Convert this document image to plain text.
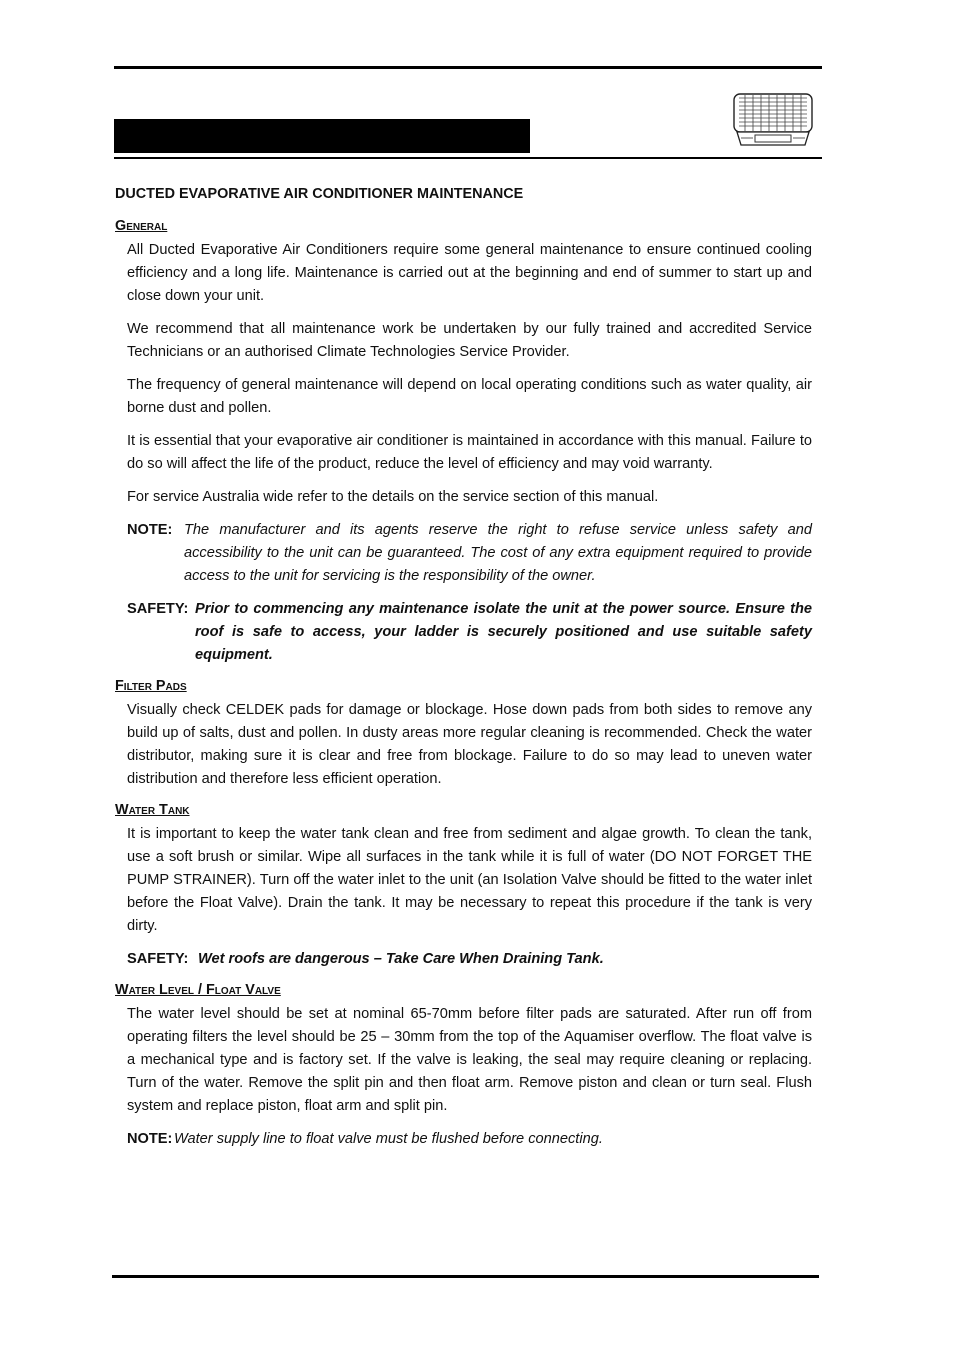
DUCTED EVAPORATIVE AIR CONDITIONER MAINTENANCE
General
All Ducted Evaporative Air Conditioners require some general maintenance to ensure continued cooling efficiency and a long life. Maintenance is carried out at the beginning and end of summer to start up and close down your unit.
We recommend that all maintenance work be undertaken by our fully trained and accredited Service Technicians or an authorised Climate Technologies Service Provider.
The frequency of general maintenance will depend on local operating conditions such as water quality, air borne dust and pollen.
It is essential that your evaporative air conditioner is maintained in accordance with this manual. Failure to do so will affect the life of the product, reduce the level of efficiency and may void warranty.
For service Australia wide refer to the details on the service section of this manual.
NOTE: The manufacturer and its agents reserve the right to refuse service unless safety and accessibility to the unit can be guaranteed. The cost of any extra equipment required to provide access to the unit for servicing is the responsibility of the owner.
SAFETY: Prior to commencing any maintenance isolate the unit at the power source. Ensure the roof is safe to access, your ladder is securely positioned and use suitable safety equipment.
Filter Pads
Visually check CELDEK pads for damage or blockage. Hose down pads from both sides to remove any build up of salts, dust and pollen. In dusty areas more regular cleaning is recommended. Check the water distributor, making sure it is clear and free from blockage. Failure to do so may lead to uneven water distribution and therefore less efficient operation.
Water Tank
It is important to keep the water tank clean and free from sediment and algae growth. To clean the tank, use a soft brush or similar. Wipe all surfaces in the tank while it is full of water (DO NOT FORGET THE PUMP STRAINER). Turn off the water inlet to the unit (an Isolation Valve should be fitted to the water inlet before the Float Valve). Drain the tank. It may be necessary to repeat this procedure if the tank is very dirty.
SAFETY: Wet roofs are dangerous – Take Care When Draining Tank.
Water Level / Float Valve
The water level should be set at nominal 65-70mm before filter pads are saturated. After run off from operating filters the level should be 25 – 30mm from the top of the Aquamiser overflow. The float valve is a mechanical type and is factory set. If the valve is leaking, the seal may require cleaning or replacing. Turn of the water. Remove the split pin and then float arm. Remove piston and clean or turn seal. Flush system and replace piston, float arm and split pin.
NOTE: Water supply line to float valve must be flushed before connecting.
